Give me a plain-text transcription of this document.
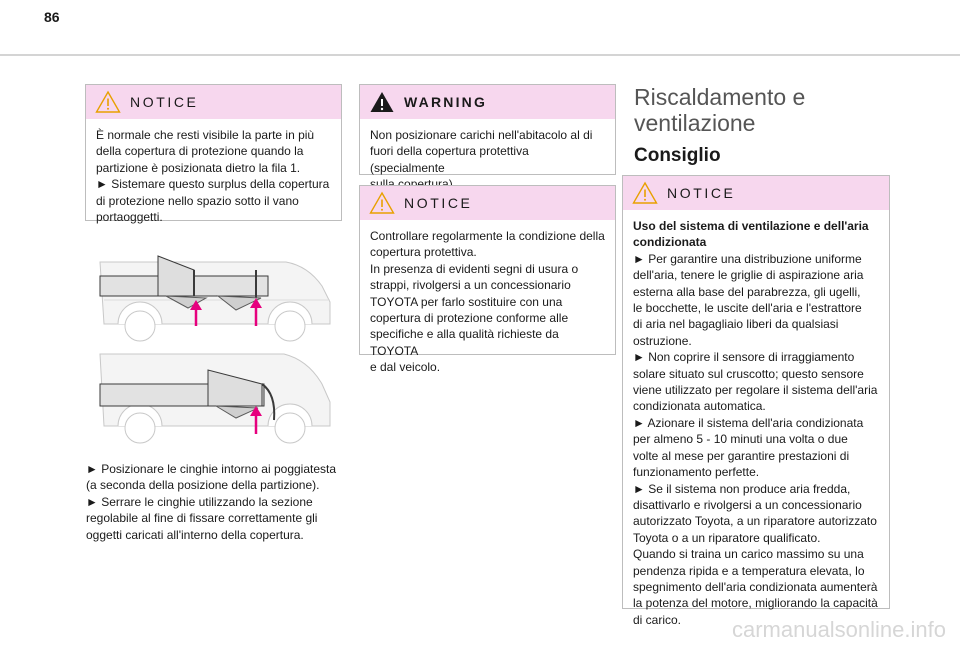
86
NOTICE

È normale che resti visibile la parte in più

della copertura di protezione quando la

partizione è posizionata dietro la fila 1.

► Sistemare questo surplus della copertura

di protezione nello spazio sotto il vano

portaoggetti.

► Posizionare le cinghie intorno ai poggiatesta

(a seconda della posizione della partizione).

► Serrare le cinghie utilizzando la sezione

regolabile al fine di fissare correttamente gli

oggetti caricati all'interno della copertura.

WARNING

Non posizionare carichi nell'abitacolo al di

fuori della copertura protettiva (specialmente

NOTICE

Controllare regolarmente la condizione della

copertura protettiva.

In presenza di evidenti segni di usura o

strappi, rivolgersi a un concessionario

TOYOTA per farlo sostituire con una

copertura di protezione conforme alle

specifiche e alla qualità richieste da TOYOTA

e dal veicolo.

Riscaldamento e
ventilazione
Consiglio
NOTICE

Uso del sistema di ventilazione e dell'aria

condizionata

► Per garantire una distribuzione uniforme

dell'aria, tenere le griglie di aspirazione aria

esterna alla base del parabrezza, gli ugelli,

le bocchette, le uscite dell'aria e l'estrattore

di aria nel bagagliaio liberi da qualsiasi

ostruzione.

► Non coprire il sensore di irraggiamento

solare situato sul cruscotto; questo sensore

viene utilizzato per regolare il sistema dell'aria

condizionata automatica.

► Azionare il sistema dell'aria condizionata

per almeno 5 - 10 minuti una volta o due

volte al mese per garantire prestazioni di

funzionamento perfette.

► Se il sistema non produce aria fredda,

disattivarlo e rivolgersi a un concessionario

autorizzato Toyota, a un riparatore autorizzato

Toyota o a un riparatore qualificato.

Quando si traina un carico massimo su una

pendenza ripida e a temperatura elevata, lo

spegnimento dell'aria condizionata aumenterà

la potenza del motore, migliorando la capacità

di carico.	carmanualsonline.info
